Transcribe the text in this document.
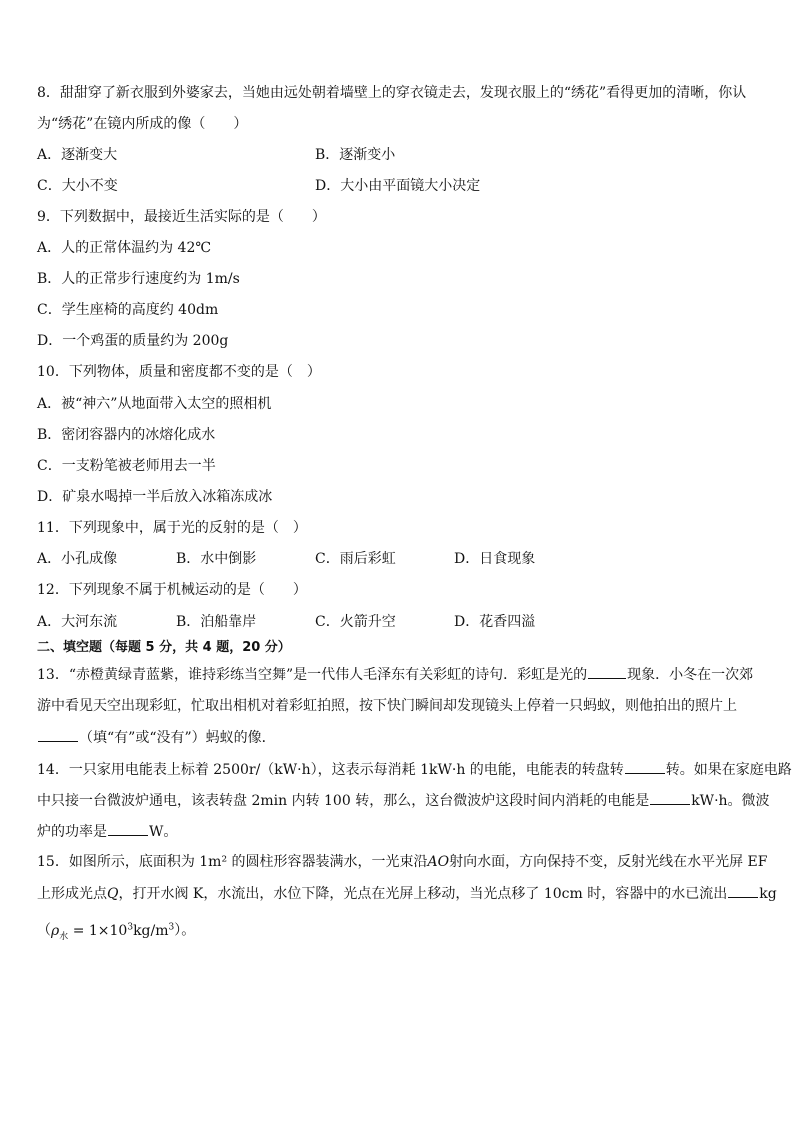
8．甜甜穿了新衣服到外婆家去，当她由远处朝着墙壁上的穿衣镜走去，发现衣服上的“绣花”看得更加的清晰，你认
为“绣花”在镜内所成的像（　　）
A．逐渐变大	B．逐渐变小
C．大小不变	D．大小由平面镜大小决定
9．下列数据中，最接近生活实际的是（　　）
A．人的正常体温约为 42℃
B．人的正常步行速度约为 1m/s
C．学生座椅的高度约 40dm
D．一个鸡蛋的质量约为 200g
10．下列物体，质量和密度都不变的是（　）
A．被“神六”从地面带入太空的照相机
B．密闭容器内的冰熔化成水
C．一支粉笔被老师用去一半
D．矿泉水喝掉一半后放入冰箱冻成冰
11．下列现象中，属于光的反射的是（　）
A．小孔成像	B．水中倒影	C．雨后彩虹	D．日食现象
12．下列现象不属于机械运动的是（　　）
A．大河东流	B．泊船靠岸	C．火箭升空	D．花香四溢
二、填空题（每题 5 分，共 4 题，20 分）
13．“赤橙黄绿青蓝紫，谁持彩练当空舞”是一代伟人毛泽东有关彩虹的诗句．彩虹是光的	现象．小冬在一次郊
游中看见天空出现彩虹，忙取出相机对着彩虹拍照，按下快门瞬间却发现镜头上停着一只蚂蚁，则他拍出的照片上
（填“有”或“没有”）蚂蚁的像．
14．一只家用电能表上标着 2500r/（kW·h），这表示每消耗 1kW·h 的电能，电能表的转盘转	转。如果在家庭电路
中只接一台微波炉通电，该表转盘 2min 内转 100 转，那么，这台微波炉这段时间内消耗的电能是	kW·h。微波
炉的功率是	W。
15．如图所示，底面积为 1m² 的圆柱形容器装满水，一光束沿AO射向水面，方向保持不变，反射光线在水平光屏 EF
上形成光点Q，打开水阀 K，水流出，水位下降，光点在光屏上移动，当光点移了 10cm 时，容器中的水已流出 kg
$(\rho_水 = 1\times 10^3kg/m^3)$。
